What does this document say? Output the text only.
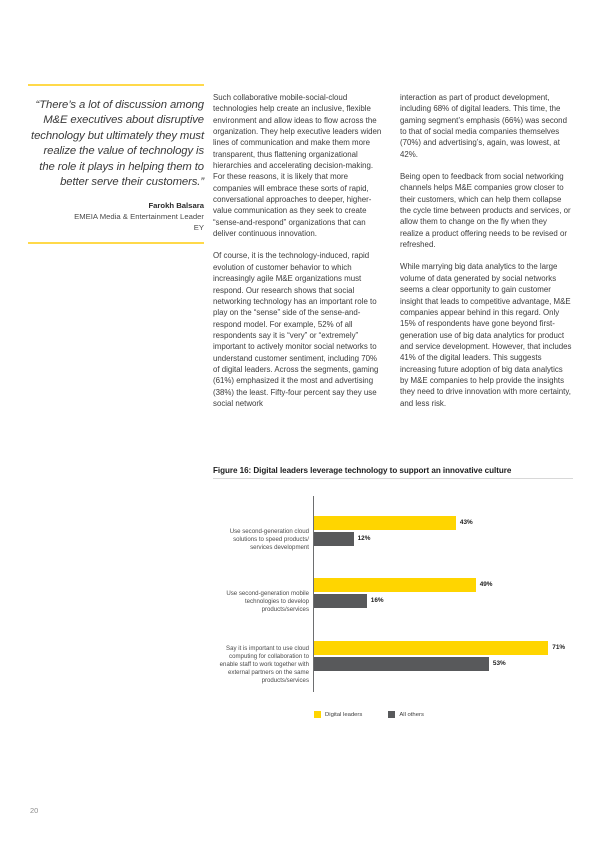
“There’s a lot of discussion among M&E executives about disruptive technology but ultimately they must realize the value of technology is the role it plays in helping them to better serve their customers.”

Farokh Balsara
EMEIA Media & Entertainment Leader
EY

Such collaborative mobile-social-cloud technologies help create an inclusive, flexible environment and allow ideas to flow across the organization. They help executive leaders widen lines of communication and make them more transparent, thus flattening organizational hierarchies and accelerating decision-making. For these reasons, it is likely that more companies will embrace these sorts of rapid, conversational approaches to deeper, higher-value communication as they seek to create “sense-and-respond” organizations that can deliver continuous innovation.

Of course, it is the technology-induced, rapid evolution of customer behavior to which increasingly agile M&E organizations must respond. Our research shows that social networking technology has an important role to play on the “sense” side of the sense-and-respond model. For example, 52% of all respondents say it is “very” or “extremely” important to actively monitor social networks to understand customer sentiment, including 70% of digital leaders. Across the segments, gaming (61%) emphasized it the most and advertising (38%) the least. Fifty-four percent say they use social network

interaction as part of product development, including 68% of digital leaders. This time, the gaming segment’s emphasis (66%) was second to that of social media companies themselves (70%) and advertising’s, again, was lowest, at 42%.

Being open to feedback from social networking channels helps M&E companies grow closer to their customers, which can help them collapse the cycle time between products and services, or allow them to change on the fly when they realize a product offering needs to be revised or refreshed.

While marrying big data analytics to the large volume of data generated by social networks seems a clear opportunity to gain customer insight that leads to competitive advantage, M&E companies appear behind in this regard. Only 15% of respondents have gone beyond first-generation use of big data analytics for product and service development. However, that includes 41% of the digital leaders. This suggests increasing future adoption of big data analytics by M&E companies to help provide the insights they need to drive innovation with more certainty, and less risk.

Figure 16: Digital leaders leverage technology to support an innovative culture
Use second-generation cloud solutions to speed products/ services development
43%
12%
Use second-generation mobile technologies to develop products/services
49%
16%
Say it is important to use cloud computing for collaboration to enable staff to work together with external partners on the same products/services
71%
53%
Digital leaders	All others
20
